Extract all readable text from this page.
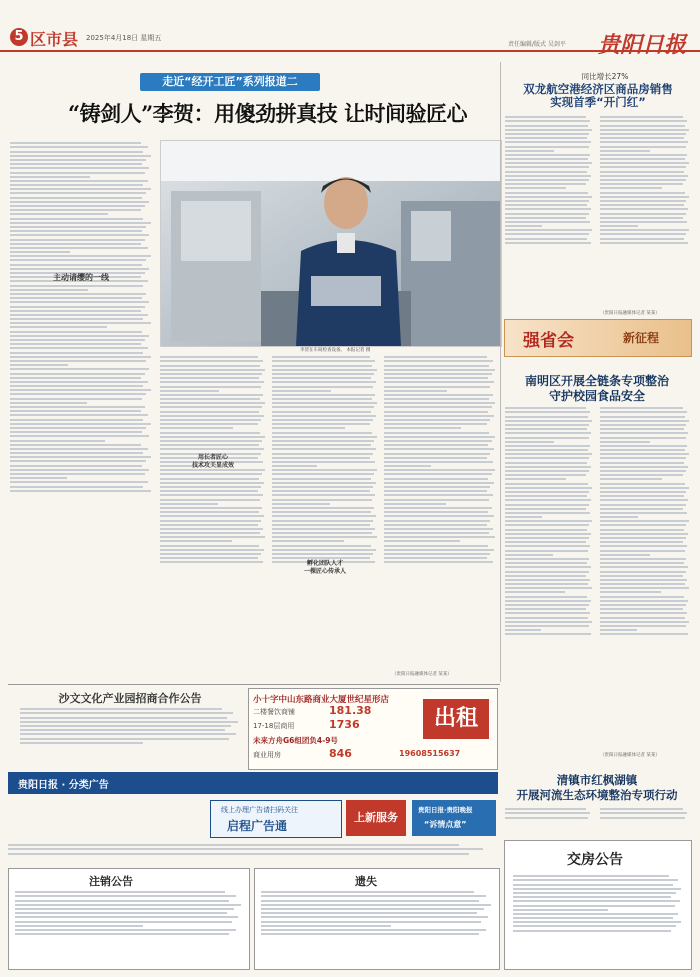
5 区市县 2025年4月18日 星期五
责任编辑/版式 吴剑平 贵阳日报
走近“经开工匠”系列报道二
“铸剑人”李贺：用傻劲拼真技 让时间验匠心
主动请缨的一线
李贺在车间检查设备。 本报记者 摄
用长者匠心
技术攻关显成效
孵化团队人才
一棵匠心传承人
（贵阳日报融媒体记者 某某）
同比增长27%
双龙航空港经济区商品房销售
实现首季“开门红”
（贵阳日报融媒体记者 某某）
强省会	新征程
南明区开展全链条专项整治
守护校园食品安全
（贵阳日报融媒体记者 某某）
清镇市红枫湖镇
开展河流生态环境整治专项行动
沙文文化产业园招商合作公告	小十字中山东路商业大厦世纪星形店
二楼餐饮商铺	181.38
17-18层商用	1736
未来方舟G6组团负4-9号
商业用房	846
出租
19608515637
贵阳日报 · 分类广告
线上办理广告请扫码关注
启程广告通
上新服务
贵阳日报·贵阳晚报
“诉情点意”
注销公告	遗失
交房公告
